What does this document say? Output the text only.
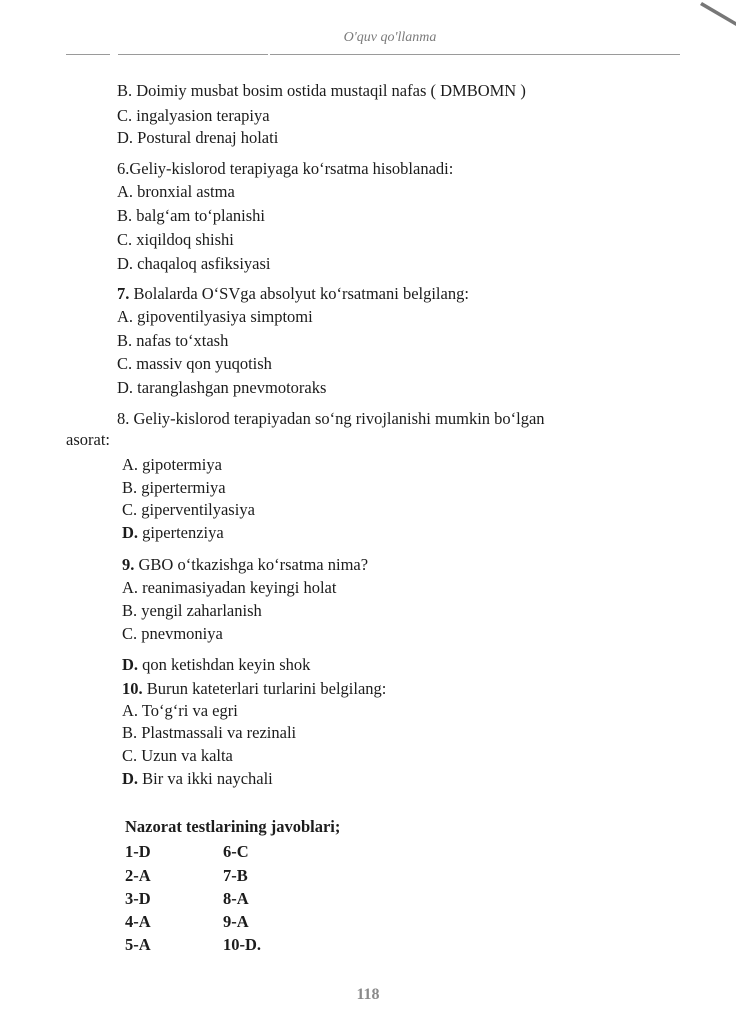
O'quv qo'llanma
B. Doimiy musbat bosim ostida mustaqil nafas ( DMBOMN )
C. ingalyasion terapiya
D. Postural drenaj holati
6.Geliy-kislorod terapiyaga ko‘rsatma hisoblanadi:
A. bronxial astma
B. balg‘am to‘planishi
C. xiqildoq shishi
D. chaqaloq asfiksiyasi
7. Bolalarda O‘SVga absolyut ko‘rsatmani belgilang:
A. gipoventilyasiya simptomi
B. nafas to‘xtash
C. massiv qon yuqotish
D. taranglashgan pnevmotoraks
8. Geliy-kislorod terapiyadan so‘ng rivojlanishi mumkin bo‘lgan
asorat:
A. gipotermiya
B. gipertermiya
C. giperventilyasiya
D. gipertenziya
9. GBO o‘tkazishga ko‘rsatma nima?
A. reanimasiyadan keyingi holat
B. yengil zaharlanish
C. pnevmoniya
D. qon ketishdan keyin shok
10. Burun kateterlari turlarini belgilang:
A. To‘g‘ri va egri
B. Plastmassali va rezinali
C. Uzun va kalta
D. Bir va ikki naychali
Nazorat testlarining javoblari;
1-D
2-A
3-D
4-A
5-A
6-C
7-B
8-A
9-A
10-D.
118
